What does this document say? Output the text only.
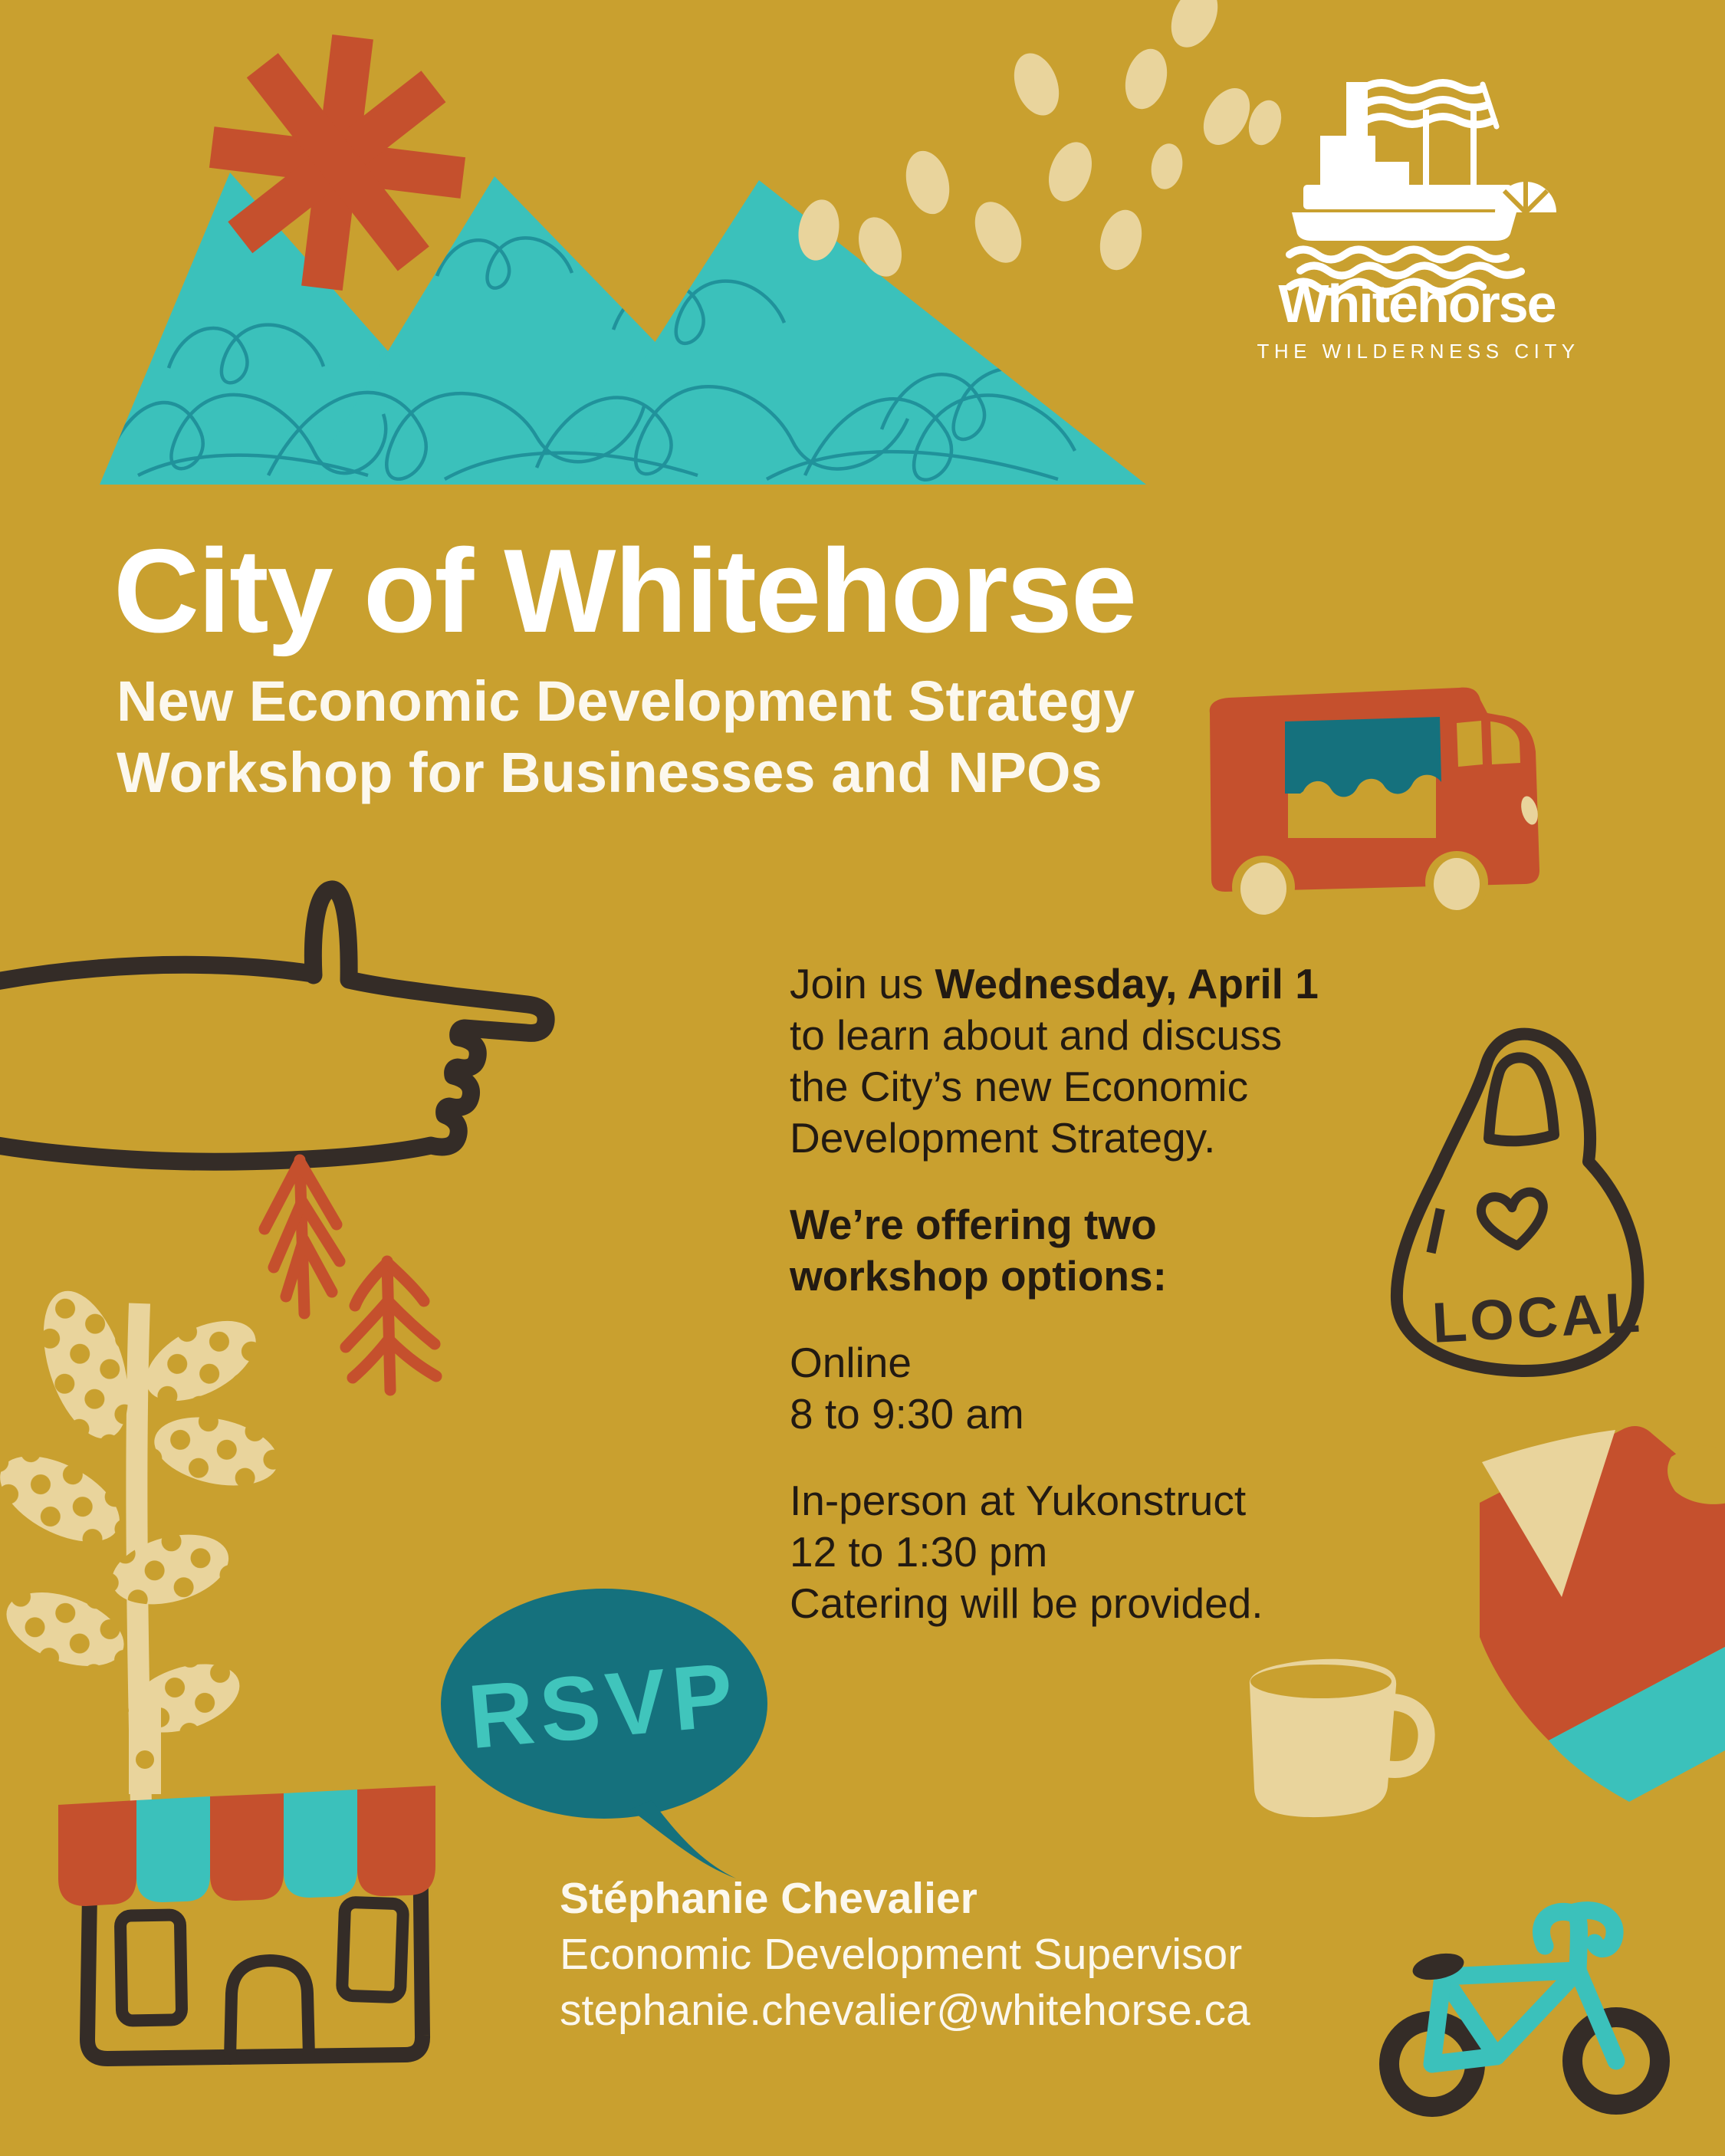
Whitehorse
THE WILDERNESS CITY
City of Whitehorse
New Economic Development Strategy
Workshop for Businesses and NPOs

Join us Wednesday, April 1
to learn about and discuss
the City’s new Economic
Development Strategy.

We’re offering two
workshop options:

Online
8 to 9:30 am

In-person at Yukonstruct
12 to 1:30 pm
Catering will be provided.

I
LOCAL
RSVP
Stéphanie Chevalier
Economic Development Supervisor
stephanie.chevalier@whitehorse.ca
